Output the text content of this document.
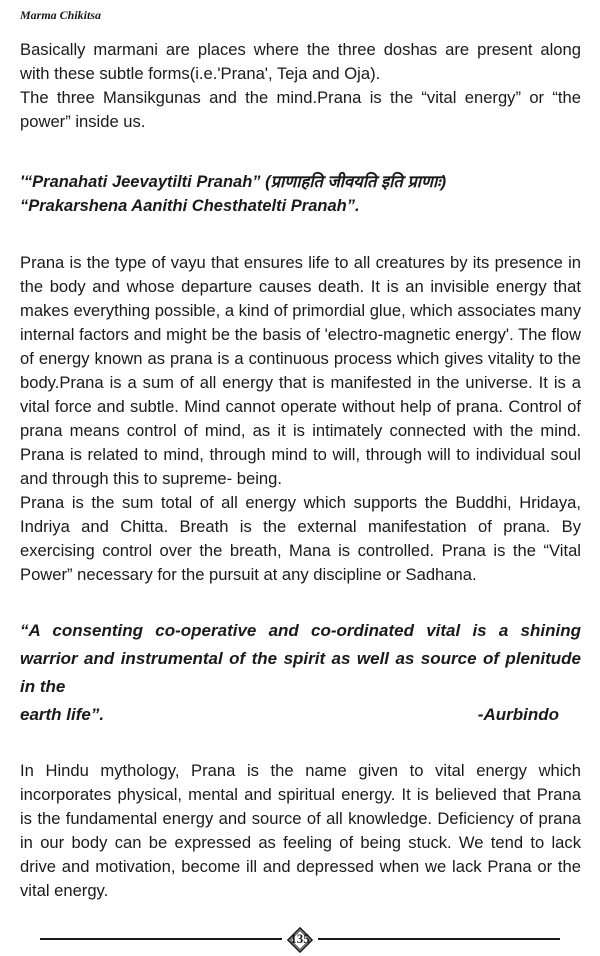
Marma Chikitsa

Basically marmani are places where the three doshas are present along with these subtle forms(i.e.'Prana', Teja and Oja).

The three Mansikgunas and the mind.Prana is the “vital energy” or “the power” inside us.

'“Pranahati Jeevaytilti Pranah” (प्राणाहति जीवयति इति प्राणाः)

“Prakarshena Aanithi Chesthatelti Pranah”.

Prana is the type of vayu that ensures life to all creatures by its presence in the body and whose departure causes death. It is an invisible energy that makes everything possible, a kind of primordial glue, which associates many internal factors and might be the basis of 'electro-magnetic energy'. The flow of energy known as prana is a continuous process which gives vitality to the body.Prana is a sum of all energy that is manifested in the universe. It is a vital force and subtle. Mind cannot operate without help of prana. Control of prana means control of mind, as it is intimately connected with the mind. Prana is related to mind, through mind to will, through will to individual soul and through this to supreme- being.

Prana is the sum total of all energy which supports the Buddhi, Hridaya, Indriya and Chitta. Breath is the external manifestation of prana. By exercising control over the breath, Mana is controlled. Prana is the “Vital Power” necessary for the pursuit at any discipline or Sadhana.

“A consenting co-operative and co-ordinated vital is a shining warrior and instrumental of the spirit as well as source of plenitude in the

earth life”.	-Aurbindo

In Hindu mythology, Prana is the name given to vital energy which incorporates physical, mental and spiritual energy. It is believed that Prana is the fundamental energy and source of all knowledge. Deficiency of prana in our body can be expressed as feeling of being stuck. We tend to lack drive and motivation, become ill and depressed when we lack Prana or the vital energy.

135
